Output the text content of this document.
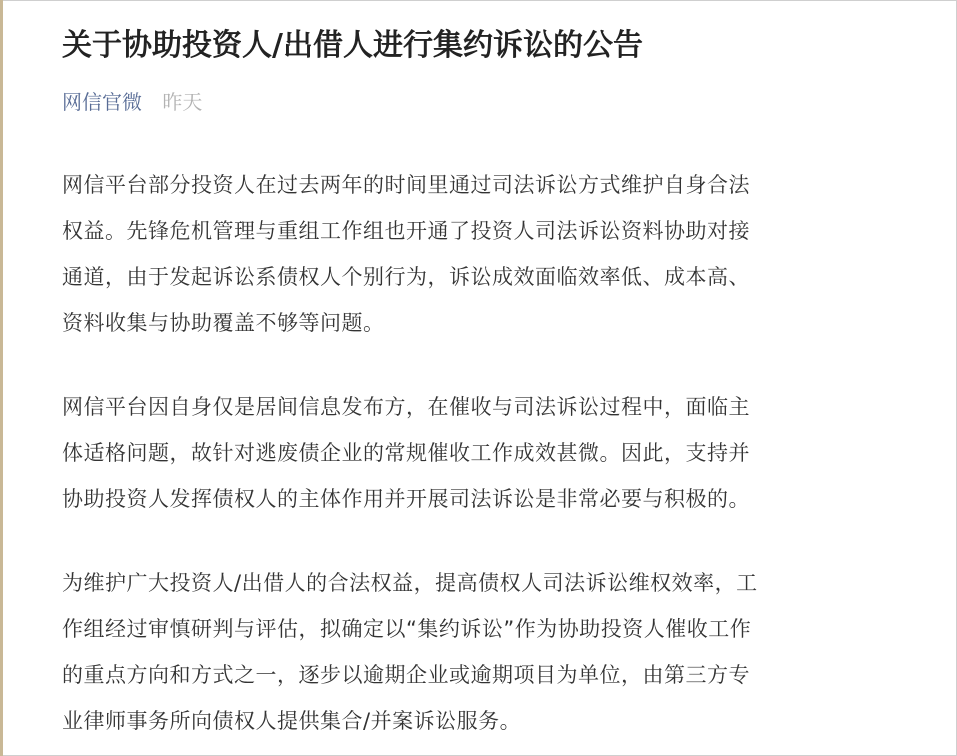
关于协助投资人/出借人进行集约诉讼的公告
网信官微 昨天

网信平台部分投资人在过去两年的时间里通过司法诉讼方式维护自身合法
权益。先锋危机管理与重组工作组也开通了投资人司法诉讼资料协助对接
通道，由于发起诉讼系债权人个别行为，诉讼成效面临效率低、成本高、
资料收集与协助覆盖不够等问题。

网信平台因自身仅是居间信息发布方，在催收与司法诉讼过程中，面临主
体适格问题，故针对逃废债企业的常规催收工作成效甚微。因此，支持并
协助投资人发挥债权人的主体作用并开展司法诉讼是非常必要与积极的。

为维护广大投资人/出借人的合法权益，提高债权人司法诉讼维权效率，工
作组经过审慎研判与评估，拟确定以“集约诉讼”作为协助投资人催收工作
的重点方向和方式之一，逐步以逾期企业或逾期项目为单位，由第三方专
业律师事务所向债权人提供集合/并案诉讼服务。
